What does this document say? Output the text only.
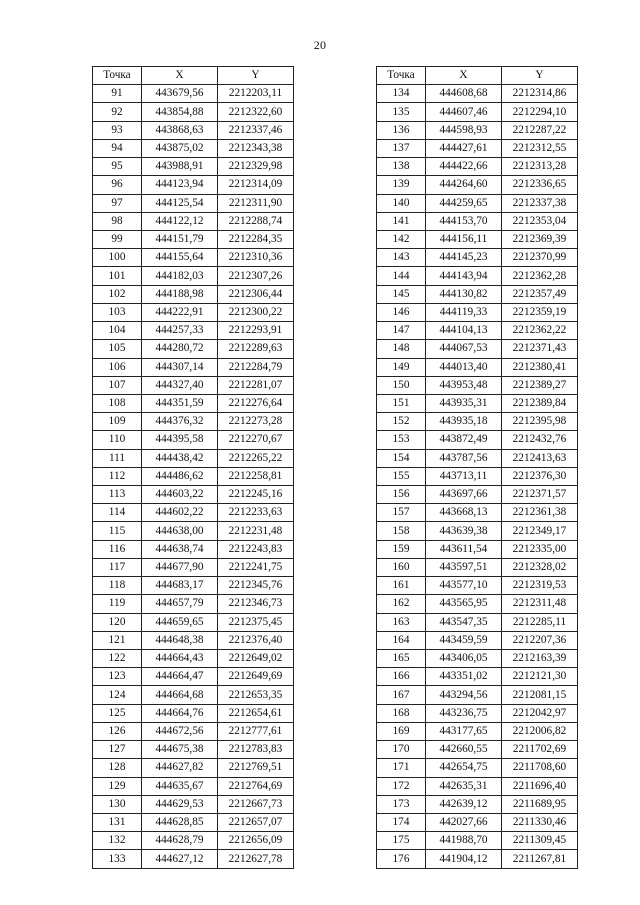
20
Точка	X	Y
91	443679,56	2212203,11
92	443854,88	2212322,60
93	443868,63	2212337,46
94	443875,02	2212343,38
95	443988,91	2212329,98
96	444123,94	2212314,09
97	444125,54	2212311,90
98	444122,12	2212288,74
99	444151,79	2212284,35
100	444155,64	2212310,36
101	444182,03	2212307,26
102	444188,98	2212306,44
103	444222,91	2212300,22
104	444257,33	2212293,91
105	444280,72	2212289,63
106	444307,14	2212284,79
107	444327,40	2212281,07
108	444351,59	2212276,64
109	444376,32	2212273,28
110	444395,58	2212270,67
111	444438,42	2212265,22
112	444486,62	2212258,81
113	444603,22	2212245,16
114	444602,22	2212233,63
115	444638,00	2212231,48
116	444638,74	2212243,83
117	444677,90	2212241,75
118	444683,17	2212345,76
119	444657,79	2212346,73
120	444659,65	2212375,45
121	444648,38	2212376,40
122	444664,43	2212649,02
123	444664,47	2212649,69
124	444664,68	2212653,35
125	444664,76	2212654,61
126	444672,56	2212777,61
127	444675,38	2212783,83
128	444627,82	2212769,51
129	444635,67	2212764,69
130	444629,53	2212667,73
131	444628,85	2212657,07
132	444628,79	2212656,09
133	444627,12	2212627,78
Точка	X	Y
134	444608,68	2212314,86
135	444607,46	2212294,10
136	444598,93	2212287,22
137	444427,61	2212312,55
138	444422,66	2212313,28
139	444264,60	2212336,65
140	444259,65	2212337,38
141	444153,70	2212353,04
142	444156,11	2212369,39
143	444145,23	2212370,99
144	444143,94	2212362,28
145	444130,82	2212357,49
146	444119,33	2212359,19
147	444104,13	2212362,22
148	444067,53	2212371,43
149	444013,40	2212380,41
150	443953,48	2212389,27
151	443935,31	2212389,84
152	443935,18	2212395,98
153	443872,49	2212432,76
154	443787,56	2212413,63
155	443713,11	2212376,30
156	443697,66	2212371,57
157	443668,13	2212361,38
158	443639,38	2212349,17
159	443611,54	2212335,00
160	443597,51	2212328,02
161	443577,10	2212319,53
162	443565,95	2212311,48
163	443547,35	2212285,11
164	443459,59	2212207,36
165	443406,05	2212163,39
166	443351,02	2212121,30
167	443294,56	2212081,15
168	443236,75	2212042,97
169	443177,65	2212006,82
170	442660,55	2211702,69
171	442654,75	2211708,60
172	442635,31	2211696,40
173	442639,12	2211689,95
174	442027,66	2211330,46
175	441988,70	2211309,45
176	441904,12	2211267,81
